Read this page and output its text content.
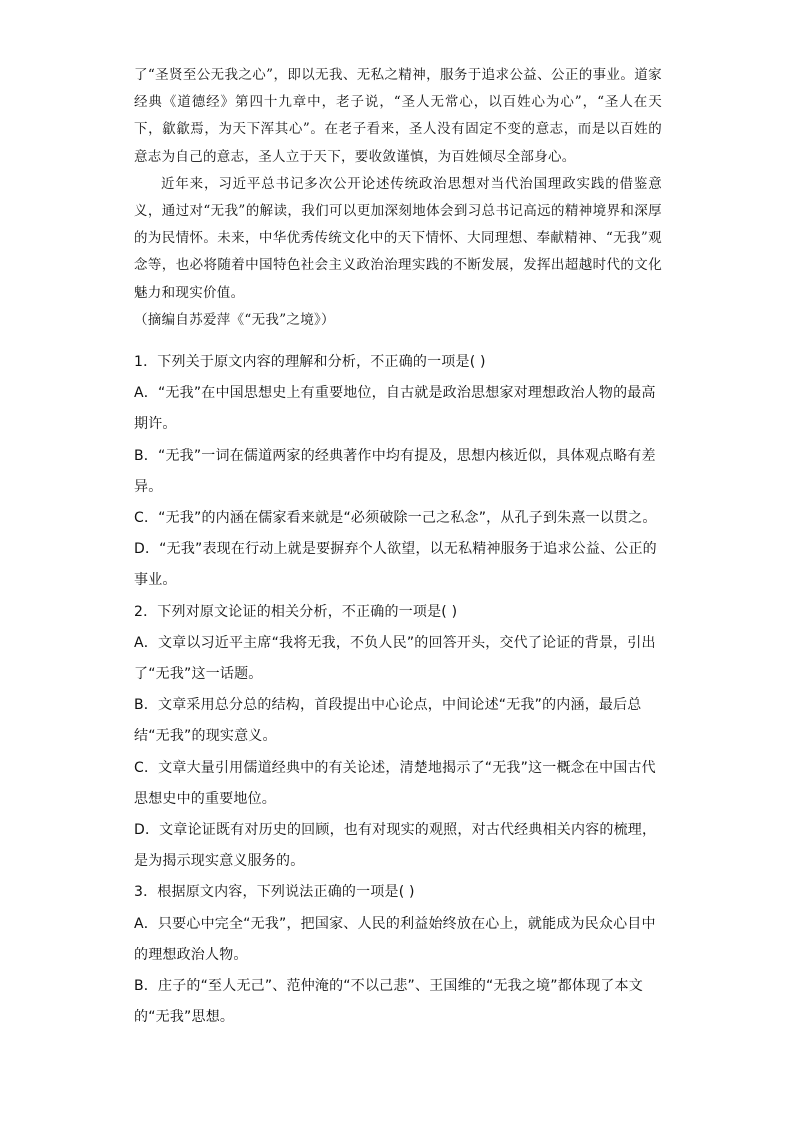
了“圣贤至公无我之心”，即以无我、无私之精神，服务于追求公益、公正的事业。道家经典《道德经》第四十九章中，老子说，“圣人无常心，以百姓心为心”，“圣人在天下，歙歙焉，为天下浑其心”。在老子看来，圣人没有固定不变的意志，而是以百姓的意志为自己的意志，圣人立于天下，要收敛谨慎，为百姓倾尽全部身心。

近年来，习近平总书记多次公开论述传统政治思想对当代治国理政实践的借鉴意义，通过对“无我”的解读，我们可以更加深刻地体会到习总书记高远的精神境界和深厚的为民情怀。未来，中华优秀传统文化中的天下情怀、大同理想、奉献精神、“无我”观念等，也必将随着中国特色社会主义政治治理实践的不断发展，发挥出超越时代的文化魅力和现实价值。

（摘编自苏爱萍《“无我”之境》）

1．下列关于原文内容的理解和分析，不正确的一项是( )

A．“无我”在中国思想史上有重要地位，自古就是政治思想家对理想政治人物的最高期许。

B．“无我”一词在儒道两家的经典著作中均有提及，思想内核近似，具体观点略有差异。

C．“无我”的内涵在儒家看来就是“必须破除一己之私念”，从孔子到朱熹一以贯之。

D．“无我”表现在行动上就是要摒弃个人欲望，以无私精神服务于追求公益、公正的事业。

2．下列对原文论证的相关分析，不正确的一项是( )

A．文章以习近平主席“我将无我，不负人民”的回答开头，交代了论证的背景，引出了“无我”这一话题。

B．文章采用总分总的结构，首段提出中心论点，中间论述“无我”的内涵，最后总结“无我”的现实意义。

C．文章大量引用儒道经典中的有关论述，清楚地揭示了“无我”这一概念在中国古代思想史中的重要地位。

D．文章论证既有对历史的回顾，也有对现实的观照，对古代经典相关内容的梳理，是为揭示现实意义服务的。

3．根据原文内容，下列说法正确的一项是( )

A．只要心中完全“无我”，把国家、人民的利益始终放在心上，就能成为民众心目中的理想政治人物。

B．庄子的“至人无己”、范仲淹的“不以己悲”、王国维的“无我之境”都体现了本文的“无我”思想。
